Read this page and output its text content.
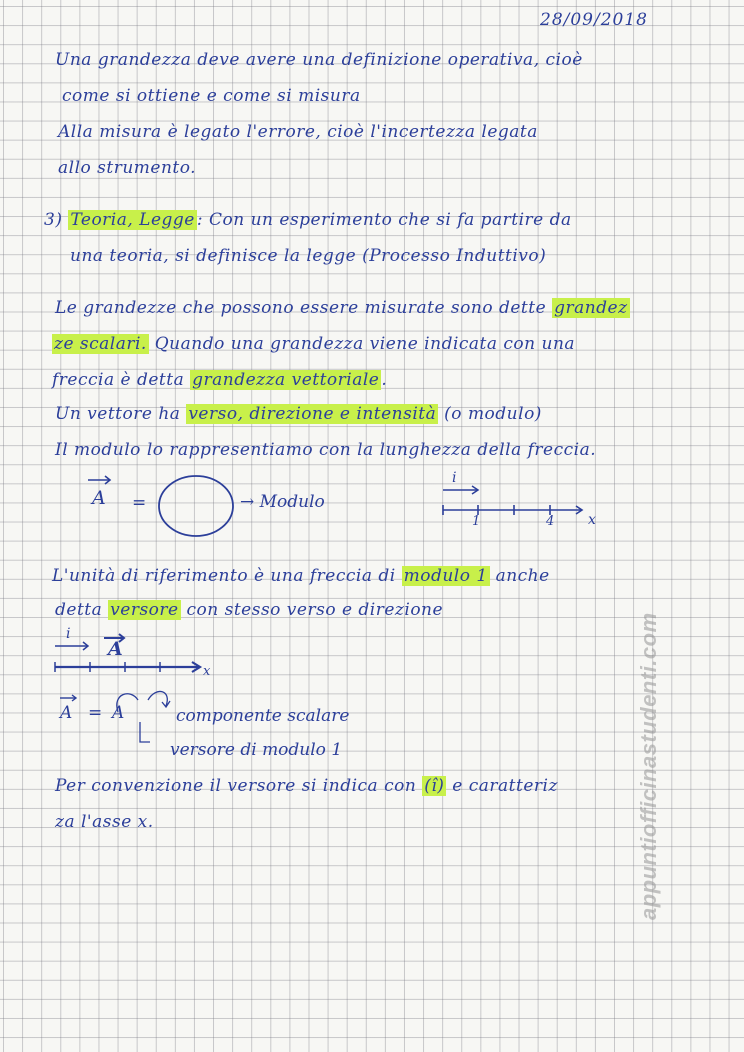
28/09/2018
Una grandezza deve avere una definizione operativa, cioè
come si ottiene e come si misura
Alla misura è legato l'errore, cioè l'incertezza legata
allo strumento.
3) Teoria, Legge : Con un esperimento che si fa partire da
una teoria, si definisce la legge (Processo Induttivo)
Le grandezze che possono essere misurate sono dette grandez
ze scalari. Quando una grandezza viene indicata con una
freccia è detta grandezza vettoriale .
Un vettore ha verso, direzione e intensità (o modulo)
Il modulo lo rappresentiamo con la lunghezza della freccia.
A =	→ Modulo
i
1	4 x
L'unità di riferimento è una freccia di modulo 1 anche
detta versore con stesso verso e direzione
i
A
x
A = A	componente scalare
versore di modulo 1
Per convenzione il versore si indica con (î) e caratteriz
za l'asse x.	appuntiofficinastudenti.com
